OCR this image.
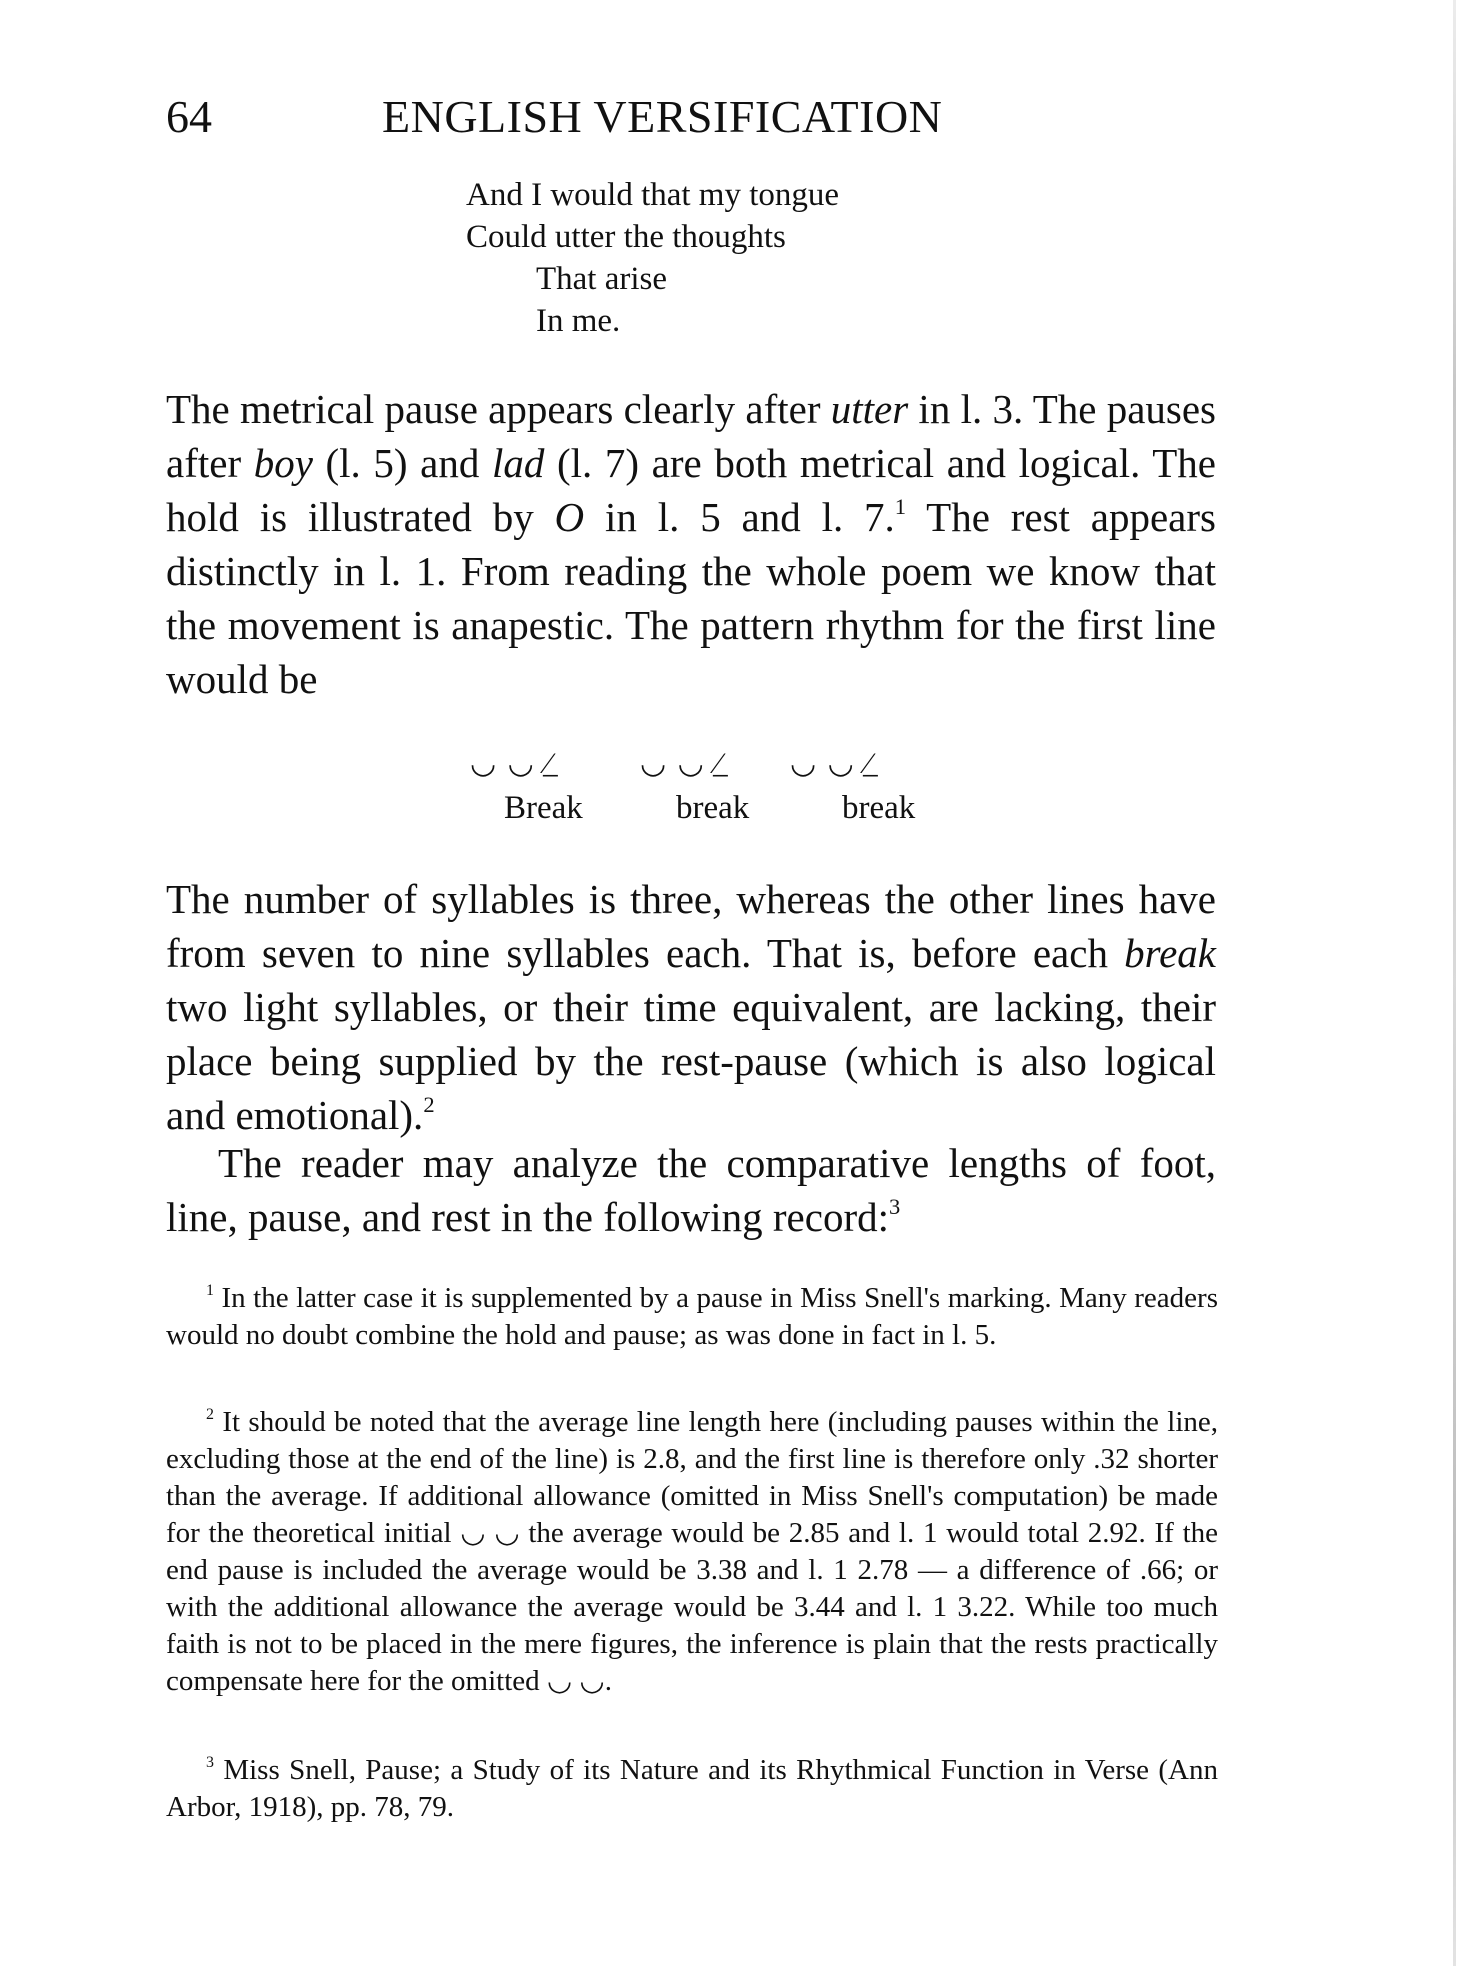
64	ENGLISH VERSIFICATION
And I would that my tongue
Could utter the thoughts
That arise
In me.

The metrical pause appears clearly after utter in l. 3. The pauses after boy (l. 5) and lad (l. 7) are both metrical and logical. The hold is illustrated by O in l. 5 and l. 7.$^1$ The rest appears distinctly in l. 1. From reading the whole poem we know that the movement is anapestic. The pattern rhythm for the first line would be

◡ ◡ ⁄̲	◡ ◡ ⁄̲ ◡ ◡ ⁄̲
Break	break	break

The number of syllables is three, whereas the other lines have from seven to nine syllables each. That is, before each break two light syllables, or their time equivalent, are lacking, their place being supplied by the rest-pause (which is also logical and emotional).$^2$

The reader may analyze the comparative lengths of foot, line, pause, and rest in the following record:$^3$

$^1$ In the latter case it is supplemented by a pause in Miss Snell's marking. Many readers would no doubt combine the hold and pause; as was done in fact in l. 5.

$^2$ It should be noted that the average line length here (including pauses within the line, excluding those at the end of the line) is 2.8, and the first line is therefore only .32 shorter than the average. If additional allowance (omitted in Miss Snell's computation) be made for the theoretical initial ◡ ◡ the average would be 2.85 and l. 1 would total 2.92. If the end pause is included the average would be 3.38 and l. 1 2.78 — a difference of .66; or with the additional allowance the average would be 3.44 and l. 1 3.22. While too much faith is not to be placed in the mere figures, the inference is plain that the rests practically compensate here for the omitted ◡ ◡.

$^3$ Miss Snell, Pause; a Study of its Nature and its Rhythmical Function in Verse (Ann Arbor, 1918), pp. 78, 79.
